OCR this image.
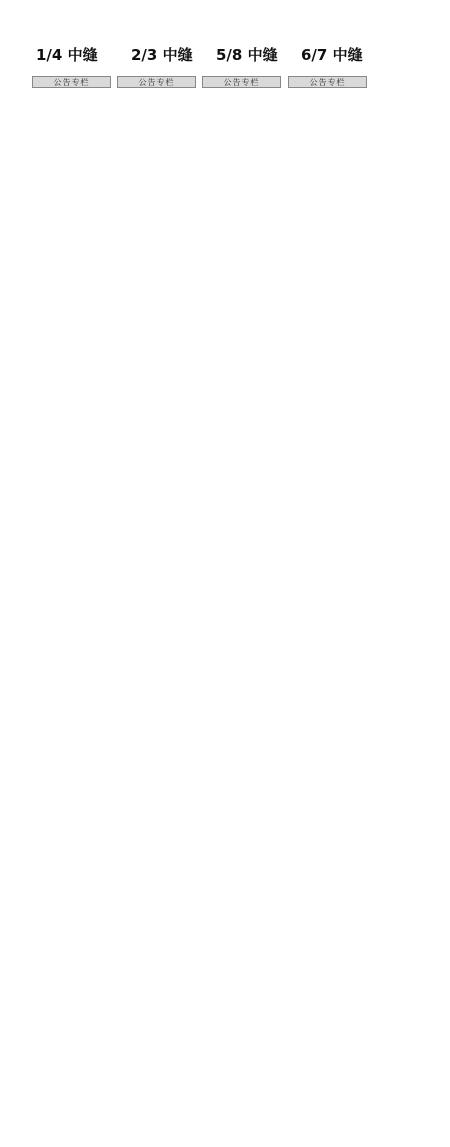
1/4 中缝 2/3 中缝 5/8 中缝 6/7 中缝
公告专栏	公告专栏	公告专栏	公告专栏
